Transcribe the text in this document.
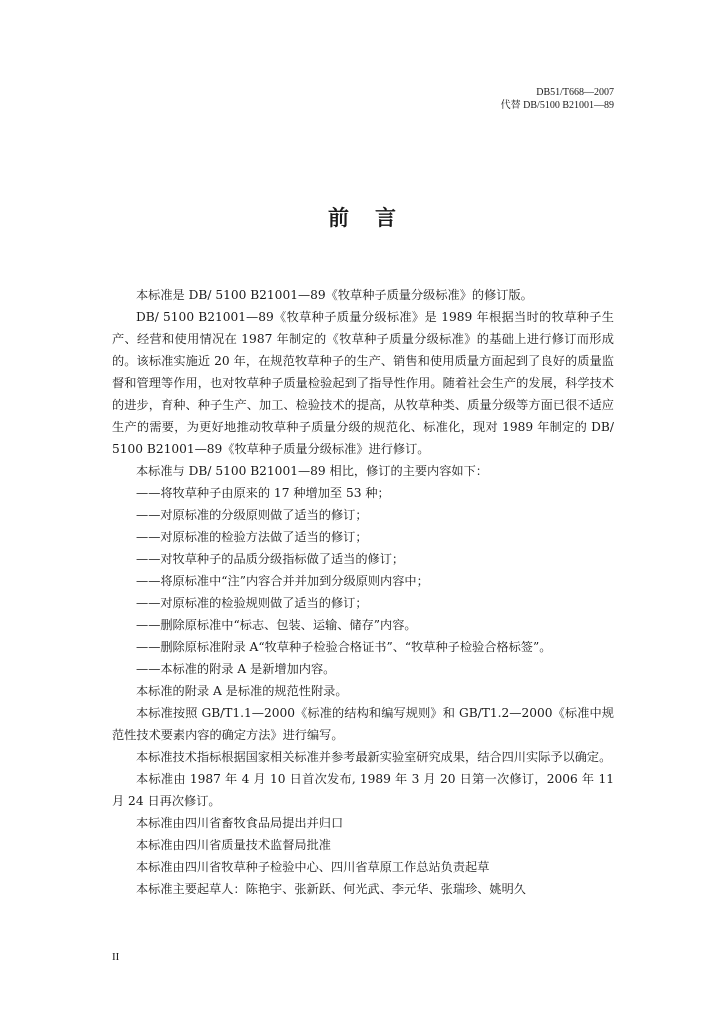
DB51/T668—2007
代替 DB/5100 B21001—89
前言

本标准是 DB/ 5100 B21001—89《牧草种子质量分级标准》的修订版。

DB/ 5100 B21001—89《牧草种子质量分级标准》是 1989 年根据当时的牧草种子生产、经营和使用情况在 1987 年制定的《牧草种子质量分级标准》的基础上进行修订而形成的。该标准实施近 20 年，在规范牧草种子的生产、销售和使用质量方面起到了良好的质量监督和管理等作用，也对牧草种子质量检验起到了指导性作用。随着社会生产的发展，科学技术的进步，育种、种子生产、加工、检验技术的提高，从牧草种类、质量分级等方面已很不适应生产的需要，为更好地推动牧草种子质量分级的规范化、标准化，现对 1989 年制定的 DB/ 5100 B21001—89《牧草种子质量分级标准》进行修订。

本标准与 DB/ 5100 B21001—89 相比，修订的主要内容如下：

——将牧草种子由原来的 17 种增加至 53 种；

——对原标准的分级原则做了适当的修订；

——对原标准的检验方法做了适当的修订；

——对牧草种子的品质分级指标做了适当的修订；

——将原标准中“注”内容合并并加到分级原则内容中；

——对原标准的检验规则做了适当的修订；

——删除原标准中“标志、包装、运输、储存”内容。

——删除原标准附录 A“牧草种子检验合格证书”、“牧草种子检验合格标签”。

——本标准的附录 A 是新增加内容。

本标准的附录 A 是标准的规范性附录。

本标准按照 GB/T1.1—2000《标准的结构和编写规则》和 GB/T1.2—2000《标准中规范性技术要素内容的确定方法》进行编写。

本标准技术指标根据国家相关标准并参考最新实验室研究成果，结合四川实际予以确定。

本标准由 1987 年 4 月 10 日首次发布, 1989 年 3 月 20 日第一次修订，2006 年 11 月 24 日再次修订。

本标准由四川省畜牧食品局提出并归口

本标准由四川省质量技术监督局批准

本标准由四川省牧草种子检验中心、四川省草原工作总站负责起草

本标准主要起草人：陈艳宇、张新跃、何光武、李元华、张瑞珍、姚明久

II
